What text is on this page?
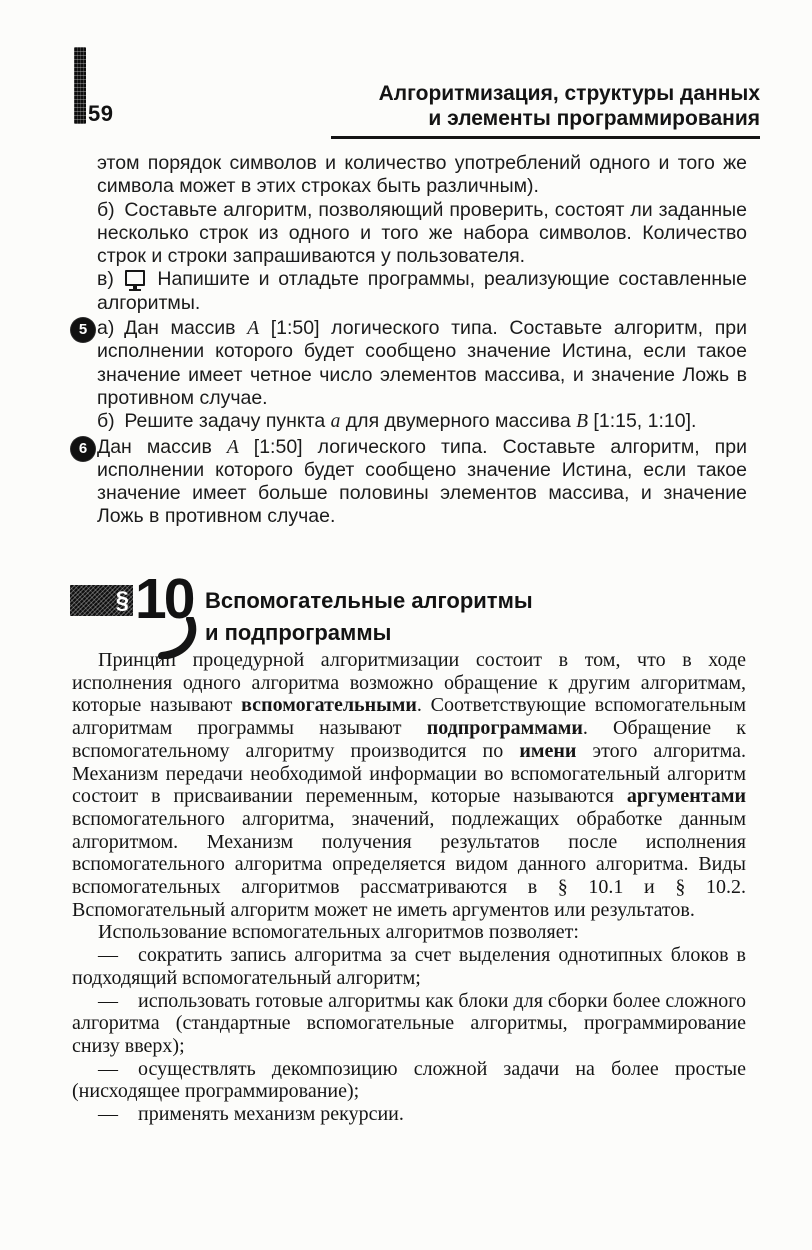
59
Алгоритмизация, структуры данных
и элементы программирования

этом порядок символов и количество употреблений одного и того же символа может в этих строках быть различным).

б) Составьте алгоритм, позволяющий проверить, состоят ли заданные несколько строк из одного и того же набора символов. Количество строк и строки запрашиваются у пользователя.

в)  Напишите и отладьте программы, реализующие составленные алгоритмы.

5 а) Дан массив A [1:50] логического типа. Составьте алгоритм, при исполнении которого будет сообщено значение Истина, если такое значение имеет четное число элементов массива, и значение Ложь в противном случае.

б) Решите задачу пункта а для двумерного массива B [1:15, 1:10].

6 Дан массив A [1:50] логического типа. Составьте алгоритм, при исполнении которого будет сообщено значение Истина, если такое значение имеет больше половины элементов массива, и значение Ложь в противном случае.

§ 10 Вспомогательные алгоритмы
и подпрограммы

Принцип процедурной алгоритмизации состоит в том, что в ходе исполнения одного алгоритма возможно обращение к другим алгоритмам, которые называют вспомогательными. Соответствующие вспомогательным алгоритмам программы называют подпрограммами. Обращение к вспомогательному алгоритму производится по имени этого алгоритма. Механизм передачи необходимой информации во вспомогательный алгоритм состоит в присваивании переменным, которые называются аргументами вспомогательного алгоритма, значений, подлежащих обработке данным алгоритмом. Механизм получения результатов после исполнения вспомогательного алгоритма определяется видом данного алгоритма. Виды вспомогательных алгоритмов рассматриваются в § 10.1 и § 10.2. Вспомогательный алгоритм может не иметь аргументов или результатов.

Использование вспомогательных алгоритмов позволяет:

— сократить запись алгоритма за счет выделения однотипных блоков в подходящий вспомогательный алгоритм;

— использовать готовые алгоритмы как блоки для сборки более сложного алгоритма (стандартные вспомогательные алгоритмы, программирование снизу вверх);

— осуществлять декомпозицию сложной задачи на более простые (нисходящее программирование);

— применять механизм рекурсии.
